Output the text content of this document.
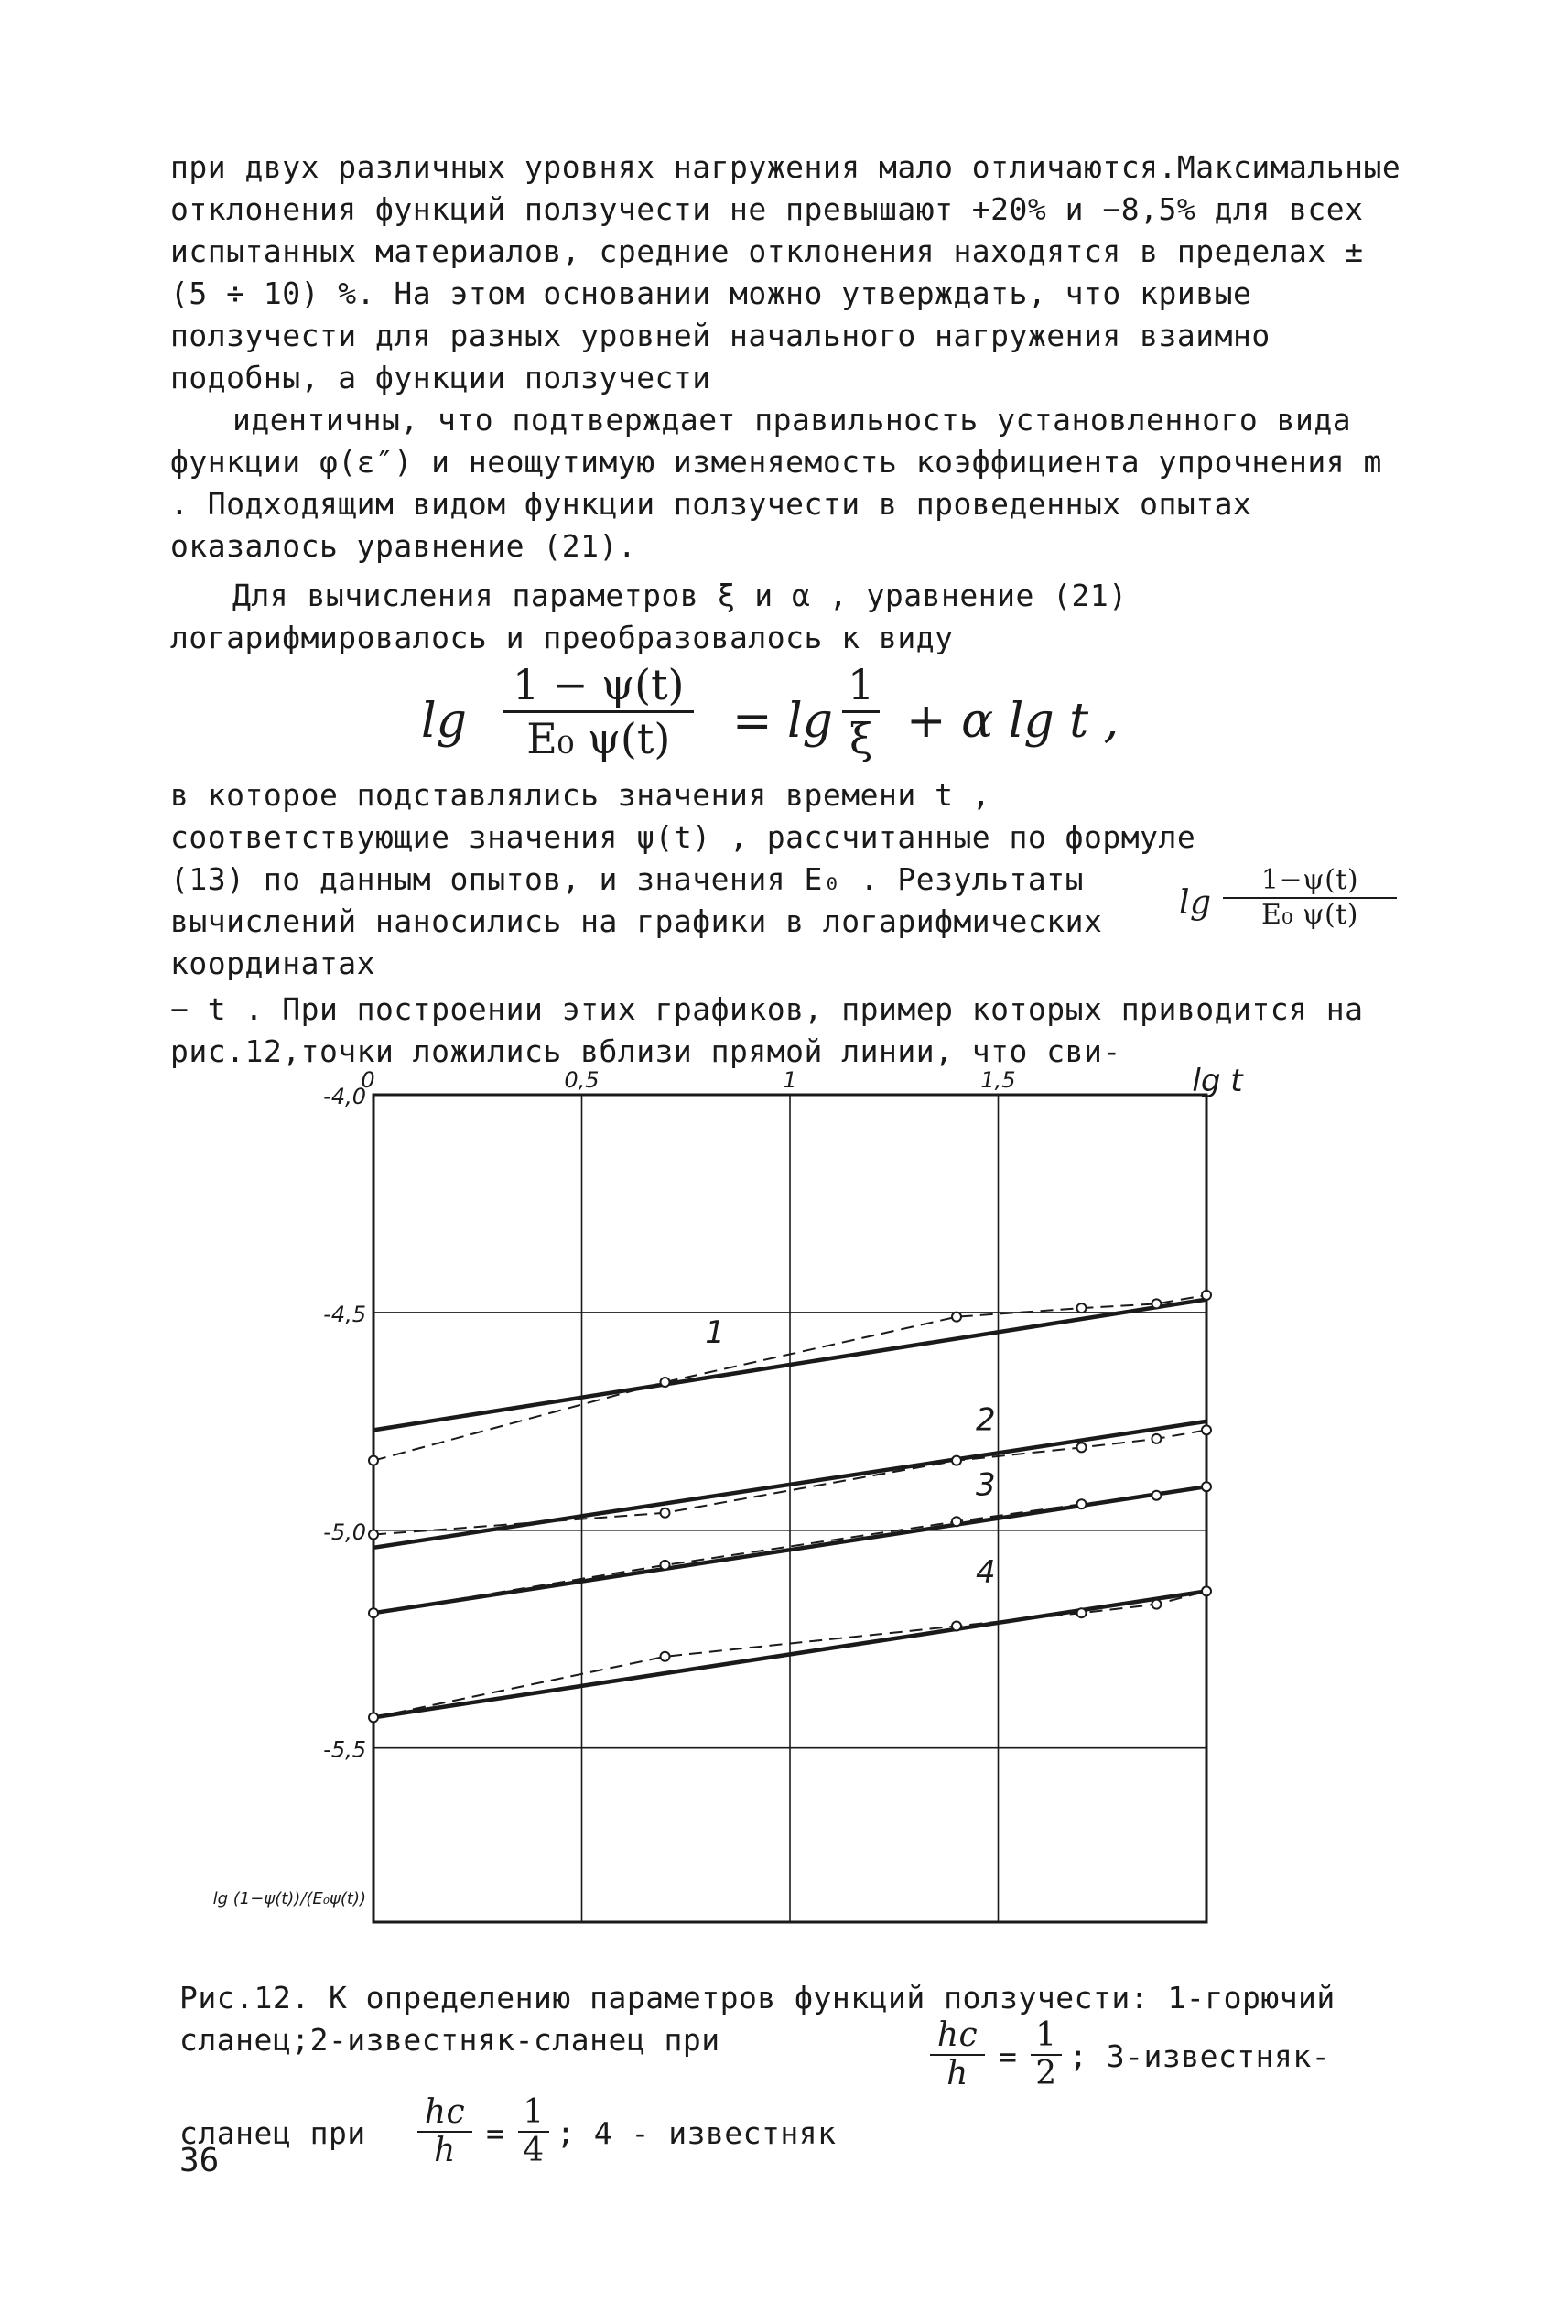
при двух различных уровнях нагружения мало отличаются.Максимальные отклонения функций ползучести не превышают +20% и −8,5% для всех испытанных материалов, средние отклонения находятся в пределах ± (5 ÷ 10) %. На этом основании можно утверждать, что кривые ползучести для разных уровней начального нагружения взаимно подобны, а функции ползучести

идентичны, что подтверждает правильность установленного вида функции φ(ε″) и неощутимую изменяемость коэффициента упрочнения m . Подходящим видом функции ползучести в проведенных опытах оказалось уравнение (21).

Для вычисления параметров ξ и α , уравнение (21) логарифмировалось и преобразовалось к виду

$\lg \frac{1 - \psi(t)}{\text{E₀ ψ(t)}} = \lg \frac{1}{\xi} + \alpha$ lg t ,

в которое подставлялись значения времени t , соответствующие значения ψ(t) , рассчитанные по формуле (13) по данным опытов, и значения E₀ . Результаты вычислений наносились на графики в логарифмических координатах

lg
1−ψ(t)
E₀ ψ(t)

− t . При построении этих графиков, пример которых приводится на рис.12,точки ложились вблизи прямой линии, что сви-

0	0,5	1	1,5
-4,0
-4,5
-5,0
-5,5
lg t
lg (1−ψ(t))/(E₀ψ(t))
1
2
3
4
Рис.12. К определению параметров функций ползучести: 1-горючий сланец;2-известняк-сланец при	hс
h	= $\frac{1}{2}$ ; 3-известняк-
сланец при
hс
h	= $\frac{1}{4}$ ; 4 - известняк
36
